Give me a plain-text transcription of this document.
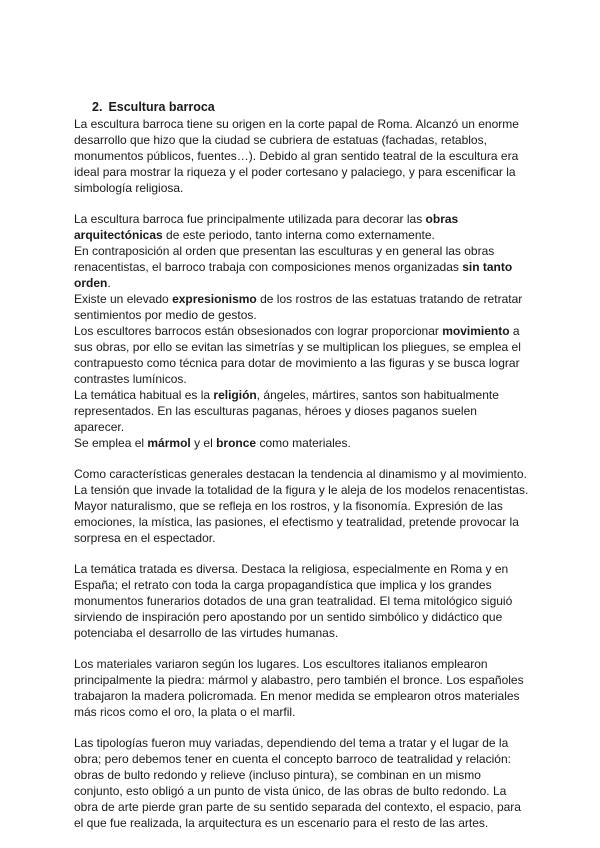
2. Escultura barroca

La escultura barroca tiene su origen en la corte papal de Roma. Alcanzó un enorme desarrollo que hizo que la ciudad se cubriera de estatuas (fachadas, retablos, monumentos públicos, fuentes…). Debido al gran sentido teatral de la escultura era ideal para mostrar la riqueza y el poder cortesano y palaciego, y para escenificar la simbología religiosa.

La escultura barroca fue principalmente utilizada para decorar las obras arquitectónicas de este periodo, tanto interna como externamente.

En contraposición al orden que presentan las esculturas y en general las obras renacentistas, el barroco trabaja con composiciones menos organizadas sin tanto orden.

Existe un elevado expresionismo de los rostros de las estatuas tratando de retratar sentimientos por medio de gestos.

Los escultores barrocos están obsesionados con lograr proporcionar movimiento a sus obras, por ello se evitan las simetrías y se multiplican los pliegues, se emplea el contrapuesto como técnica para dotar de movimiento a las figuras y se busca lograr contrastes lumínicos.

La temática habitual es la religión, ángeles, mártires, santos son habitualmente representados. En las esculturas paganas, héroes y dioses paganos suelen aparecer.

Se emplea el mármol y el bronce como materiales.

Como características generales destacan la tendencia al dinamismo y al movimiento. La tensión que invade la totalidad de la figura y le aleja de los modelos renacentistas. Mayor naturalismo, que se refleja en los rostros, y la fisonomía. Expresión de las emociones, la mística, las pasiones, el efectismo y teatralidad, pretende provocar la sorpresa en el espectador.

La temática tratada es diversa. Destaca la religiosa, especialmente en Roma y en España; el retrato con toda la carga propagandística que implica y los grandes monumentos funerarios dotados de una gran teatralidad. El tema mitológico siguió sirviendo de inspiración pero apostando por un sentido simbólico y didáctico que potenciaba el desarrollo de las virtudes humanas.

Los materiales variaron según los lugares. Los escultores italianos emplearon principalmente la piedra: mármol y alabastro, pero también el bronce. Los españoles trabajaron la madera policromada. En menor medida se emplearon otros materiales más ricos como el oro, la plata o el marfil.

Las tipologías fueron muy variadas, dependiendo del tema a tratar y el lugar de la obra; pero debemos tener en cuenta el concepto barroco de teatralidad y relación: obras de bulto redondo y relieve (incluso pintura), se combinan en un mismo conjunto, esto obligó a un punto de vista único, de las obras de bulto redondo. La obra de arte pierde gran parte de su sentido separada del contexto, el espacio, para el que fue realizada, la arquitectura es un escenario para el resto de las artes.
